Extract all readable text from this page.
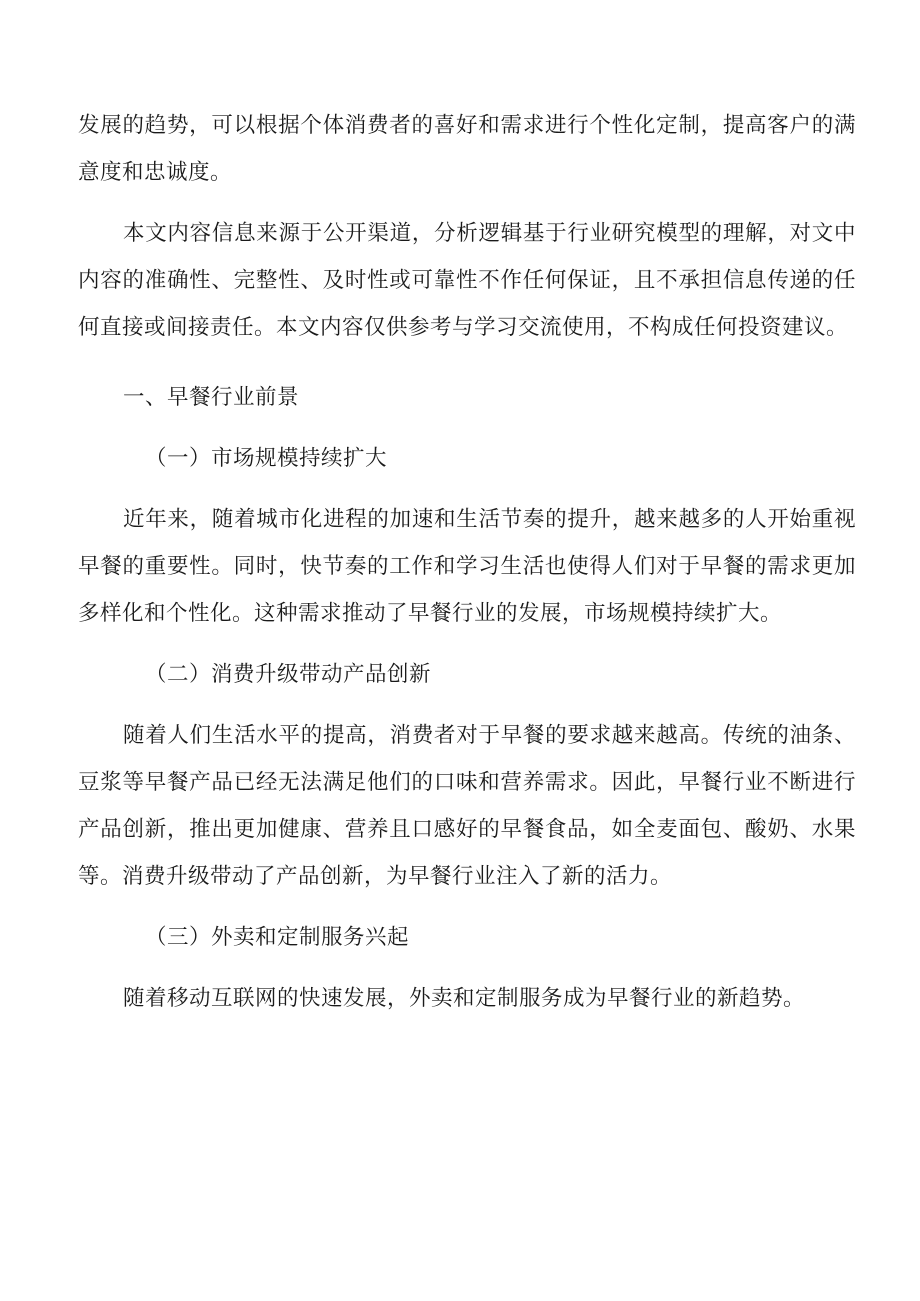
发展的趋势，可以根据个体消费者的喜好和需求进行个性化定制，提高客户的满意度和忠诚度。

本文内容信息来源于公开渠道，分析逻辑基于行业研究模型的理解，对文中内容的准确性、完整性、及时性或可靠性不作任何保证，且不承担信息传递的任何直接或间接责任。本文内容仅供参考与学习交流使用，不构成任何投资建议。

一、早餐行业前景

（一）市场规模持续扩大

近年来，随着城市化进程的加速和生活节奏的提升，越来越多的人开始重视早餐的重要性。同时，快节奏的工作和学习生活也使得人们对于早餐的需求更加多样化和个性化。这种需求推动了早餐行业的发展，市场规模持续扩大。

（二）消费升级带动产品创新

随着人们生活水平的提高，消费者对于早餐的要求越来越高。传统的油条、豆浆等早餐产品已经无法满足他们的口味和营养需求。因此，早餐行业不断进行产品创新，推出更加健康、营养且口感好的早餐食品，如全麦面包、酸奶、水果等。消费升级带动了产品创新，为早餐行业注入了新的活力。

（三）外卖和定制服务兴起

随着移动互联网的快速发展，外卖和定制服务成为早餐行业的新趋势。
